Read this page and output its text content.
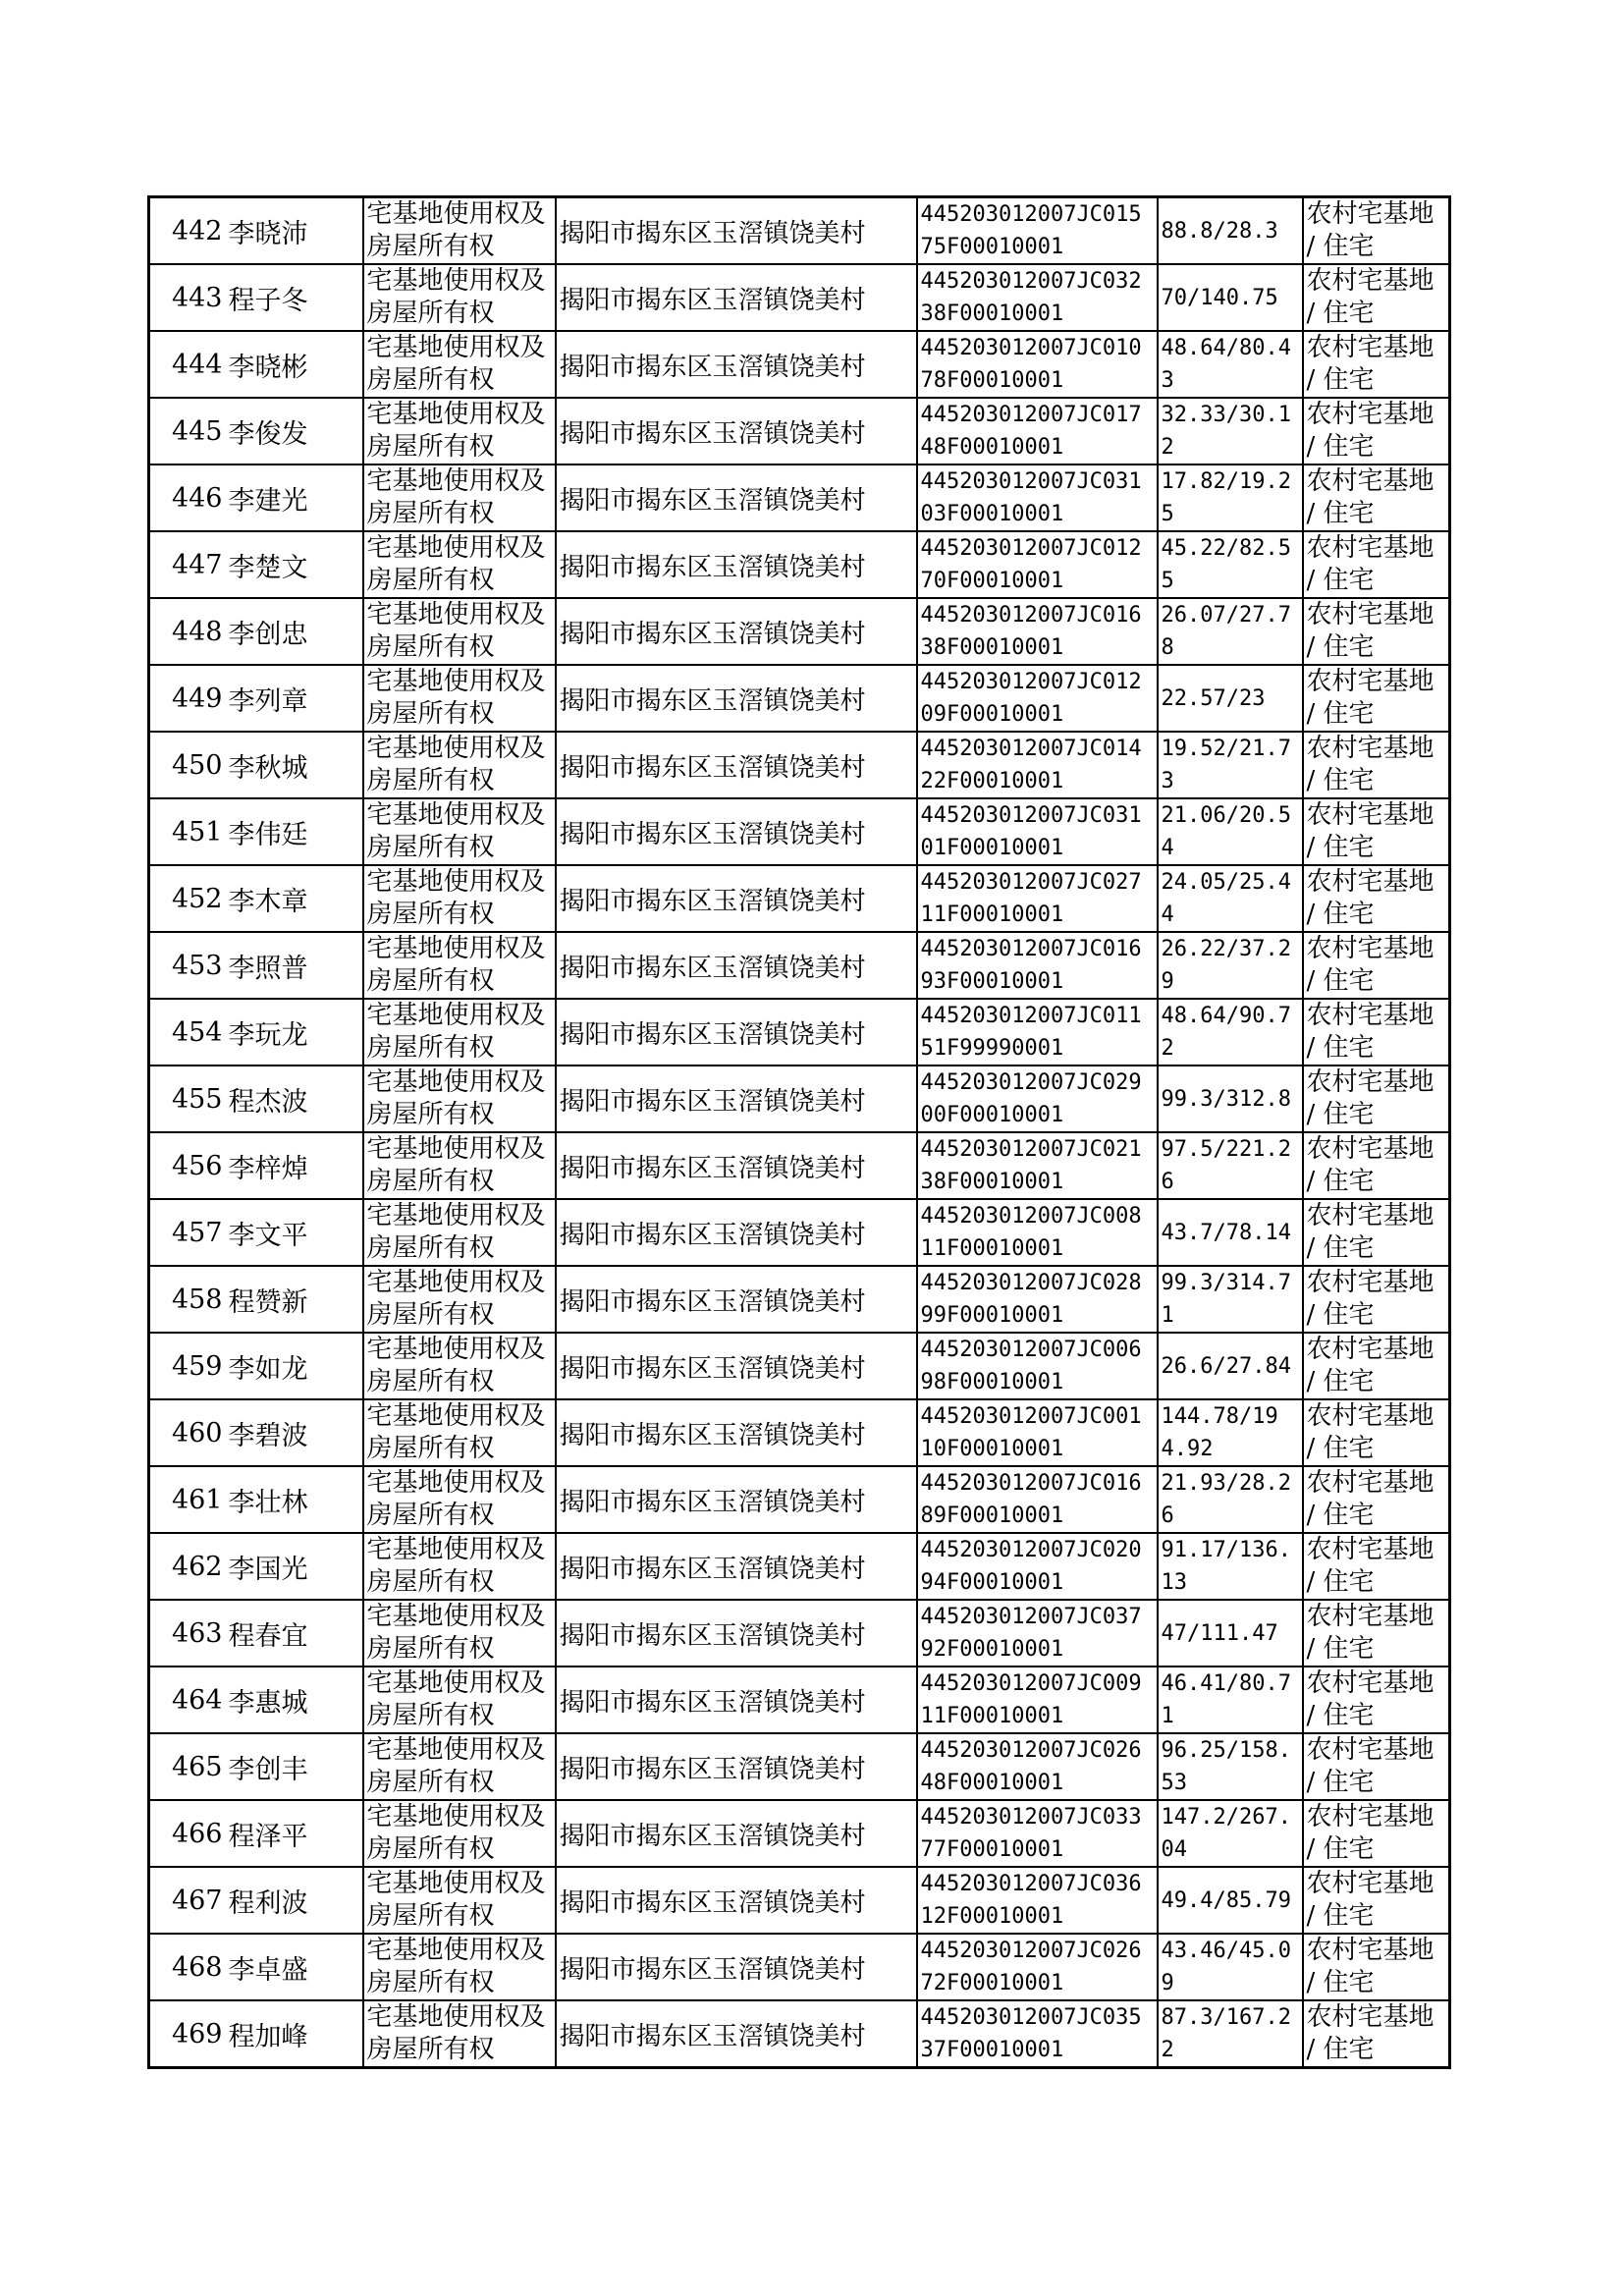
442	李晓沛	宅基地使用权及房屋所有权	揭阳市揭东区玉滘镇饶美村	445203012007JC01575F00010001	88.8/28.3	农村宅基地 / 住宅
443	程子冬	宅基地使用权及房屋所有权	揭阳市揭东区玉滘镇饶美村	445203012007JC03238F00010001	70/140.75	农村宅基地 / 住宅
444	李晓彬	宅基地使用权及房屋所有权	揭阳市揭东区玉滘镇饶美村	445203012007JC01078F00010001	48.64/80.43	农村宅基地 / 住宅
445	李俊发	宅基地使用权及房屋所有权	揭阳市揭东区玉滘镇饶美村	445203012007JC01748F00010001	32.33/30.12	农村宅基地 / 住宅
446	李建光	宅基地使用权及房屋所有权	揭阳市揭东区玉滘镇饶美村	445203012007JC03103F00010001	17.82/19.25	农村宅基地 / 住宅
447	李楚文	宅基地使用权及房屋所有权	揭阳市揭东区玉滘镇饶美村	445203012007JC01270F00010001	45.22/82.55	农村宅基地 / 住宅
448	李创忠	宅基地使用权及房屋所有权	揭阳市揭东区玉滘镇饶美村	445203012007JC01638F00010001	26.07/27.78	农村宅基地 / 住宅
449	李列章	宅基地使用权及房屋所有权	揭阳市揭东区玉滘镇饶美村	445203012007JC01209F00010001	22.57/23	农村宅基地 / 住宅
450	李秋城	宅基地使用权及房屋所有权	揭阳市揭东区玉滘镇饶美村	445203012007JC01422F00010001	19.52/21.73	农村宅基地 / 住宅
451	李伟廷	宅基地使用权及房屋所有权	揭阳市揭东区玉滘镇饶美村	445203012007JC03101F00010001	21.06/20.54	农村宅基地 / 住宅
452	李木章	宅基地使用权及房屋所有权	揭阳市揭东区玉滘镇饶美村	445203012007JC02711F00010001	24.05/25.44	农村宅基地 / 住宅
453	李照普	宅基地使用权及房屋所有权	揭阳市揭东区玉滘镇饶美村	445203012007JC01693F00010001	26.22/37.29	农村宅基地 / 住宅
454	李玩龙	宅基地使用权及房屋所有权	揭阳市揭东区玉滘镇饶美村	445203012007JC01151F99990001	48.64/90.72	农村宅基地 / 住宅
455	程杰波	宅基地使用权及房屋所有权	揭阳市揭东区玉滘镇饶美村	445203012007JC02900F00010001	99.3/312.8	农村宅基地 / 住宅
456	李梓焯	宅基地使用权及房屋所有权	揭阳市揭东区玉滘镇饶美村	445203012007JC02138F00010001	97.5/221.26	农村宅基地 / 住宅
457	李文平	宅基地使用权及房屋所有权	揭阳市揭东区玉滘镇饶美村	445203012007JC00811F00010001	43.7/78.14	农村宅基地 / 住宅
458	程赞新	宅基地使用权及房屋所有权	揭阳市揭东区玉滘镇饶美村	445203012007JC02899F00010001	99.3/314.71	农村宅基地 / 住宅
459	李如龙	宅基地使用权及房屋所有权	揭阳市揭东区玉滘镇饶美村	445203012007JC00698F00010001	26.6/27.84	农村宅基地 / 住宅
460	李碧波	宅基地使用权及房屋所有权	揭阳市揭东区玉滘镇饶美村	445203012007JC00110F00010001	144.78/194.92	农村宅基地 / 住宅
461	李壮林	宅基地使用权及房屋所有权	揭阳市揭东区玉滘镇饶美村	445203012007JC01689F00010001	21.93/28.26	农村宅基地 / 住宅
462	李国光	宅基地使用权及房屋所有权	揭阳市揭东区玉滘镇饶美村	445203012007JC02094F00010001	91.17/136.13	农村宅基地 / 住宅
463	程春宜	宅基地使用权及房屋所有权	揭阳市揭东区玉滘镇饶美村	445203012007JC03792F00010001	47/111.47	农村宅基地 / 住宅
464	李惠城	宅基地使用权及房屋所有权	揭阳市揭东区玉滘镇饶美村	445203012007JC00911F00010001	46.41/80.71	农村宅基地 / 住宅
465	李创丰	宅基地使用权及房屋所有权	揭阳市揭东区玉滘镇饶美村	445203012007JC02648F00010001	96.25/158.53	农村宅基地 / 住宅
466	程泽平	宅基地使用权及房屋所有权	揭阳市揭东区玉滘镇饶美村	445203012007JC03377F00010001	147.2/267.04	农村宅基地 / 住宅
467	程利波	宅基地使用权及房屋所有权	揭阳市揭东区玉滘镇饶美村	445203012007JC03612F00010001	49.4/85.79	农村宅基地 / 住宅
468	李卓盛	宅基地使用权及房屋所有权	揭阳市揭东区玉滘镇饶美村	445203012007JC02672F00010001	43.46/45.09	农村宅基地 / 住宅
469	程加峰	宅基地使用权及房屋所有权	揭阳市揭东区玉滘镇饶美村	445203012007JC03537F00010001	87.3/167.22	农村宅基地 / 住宅
